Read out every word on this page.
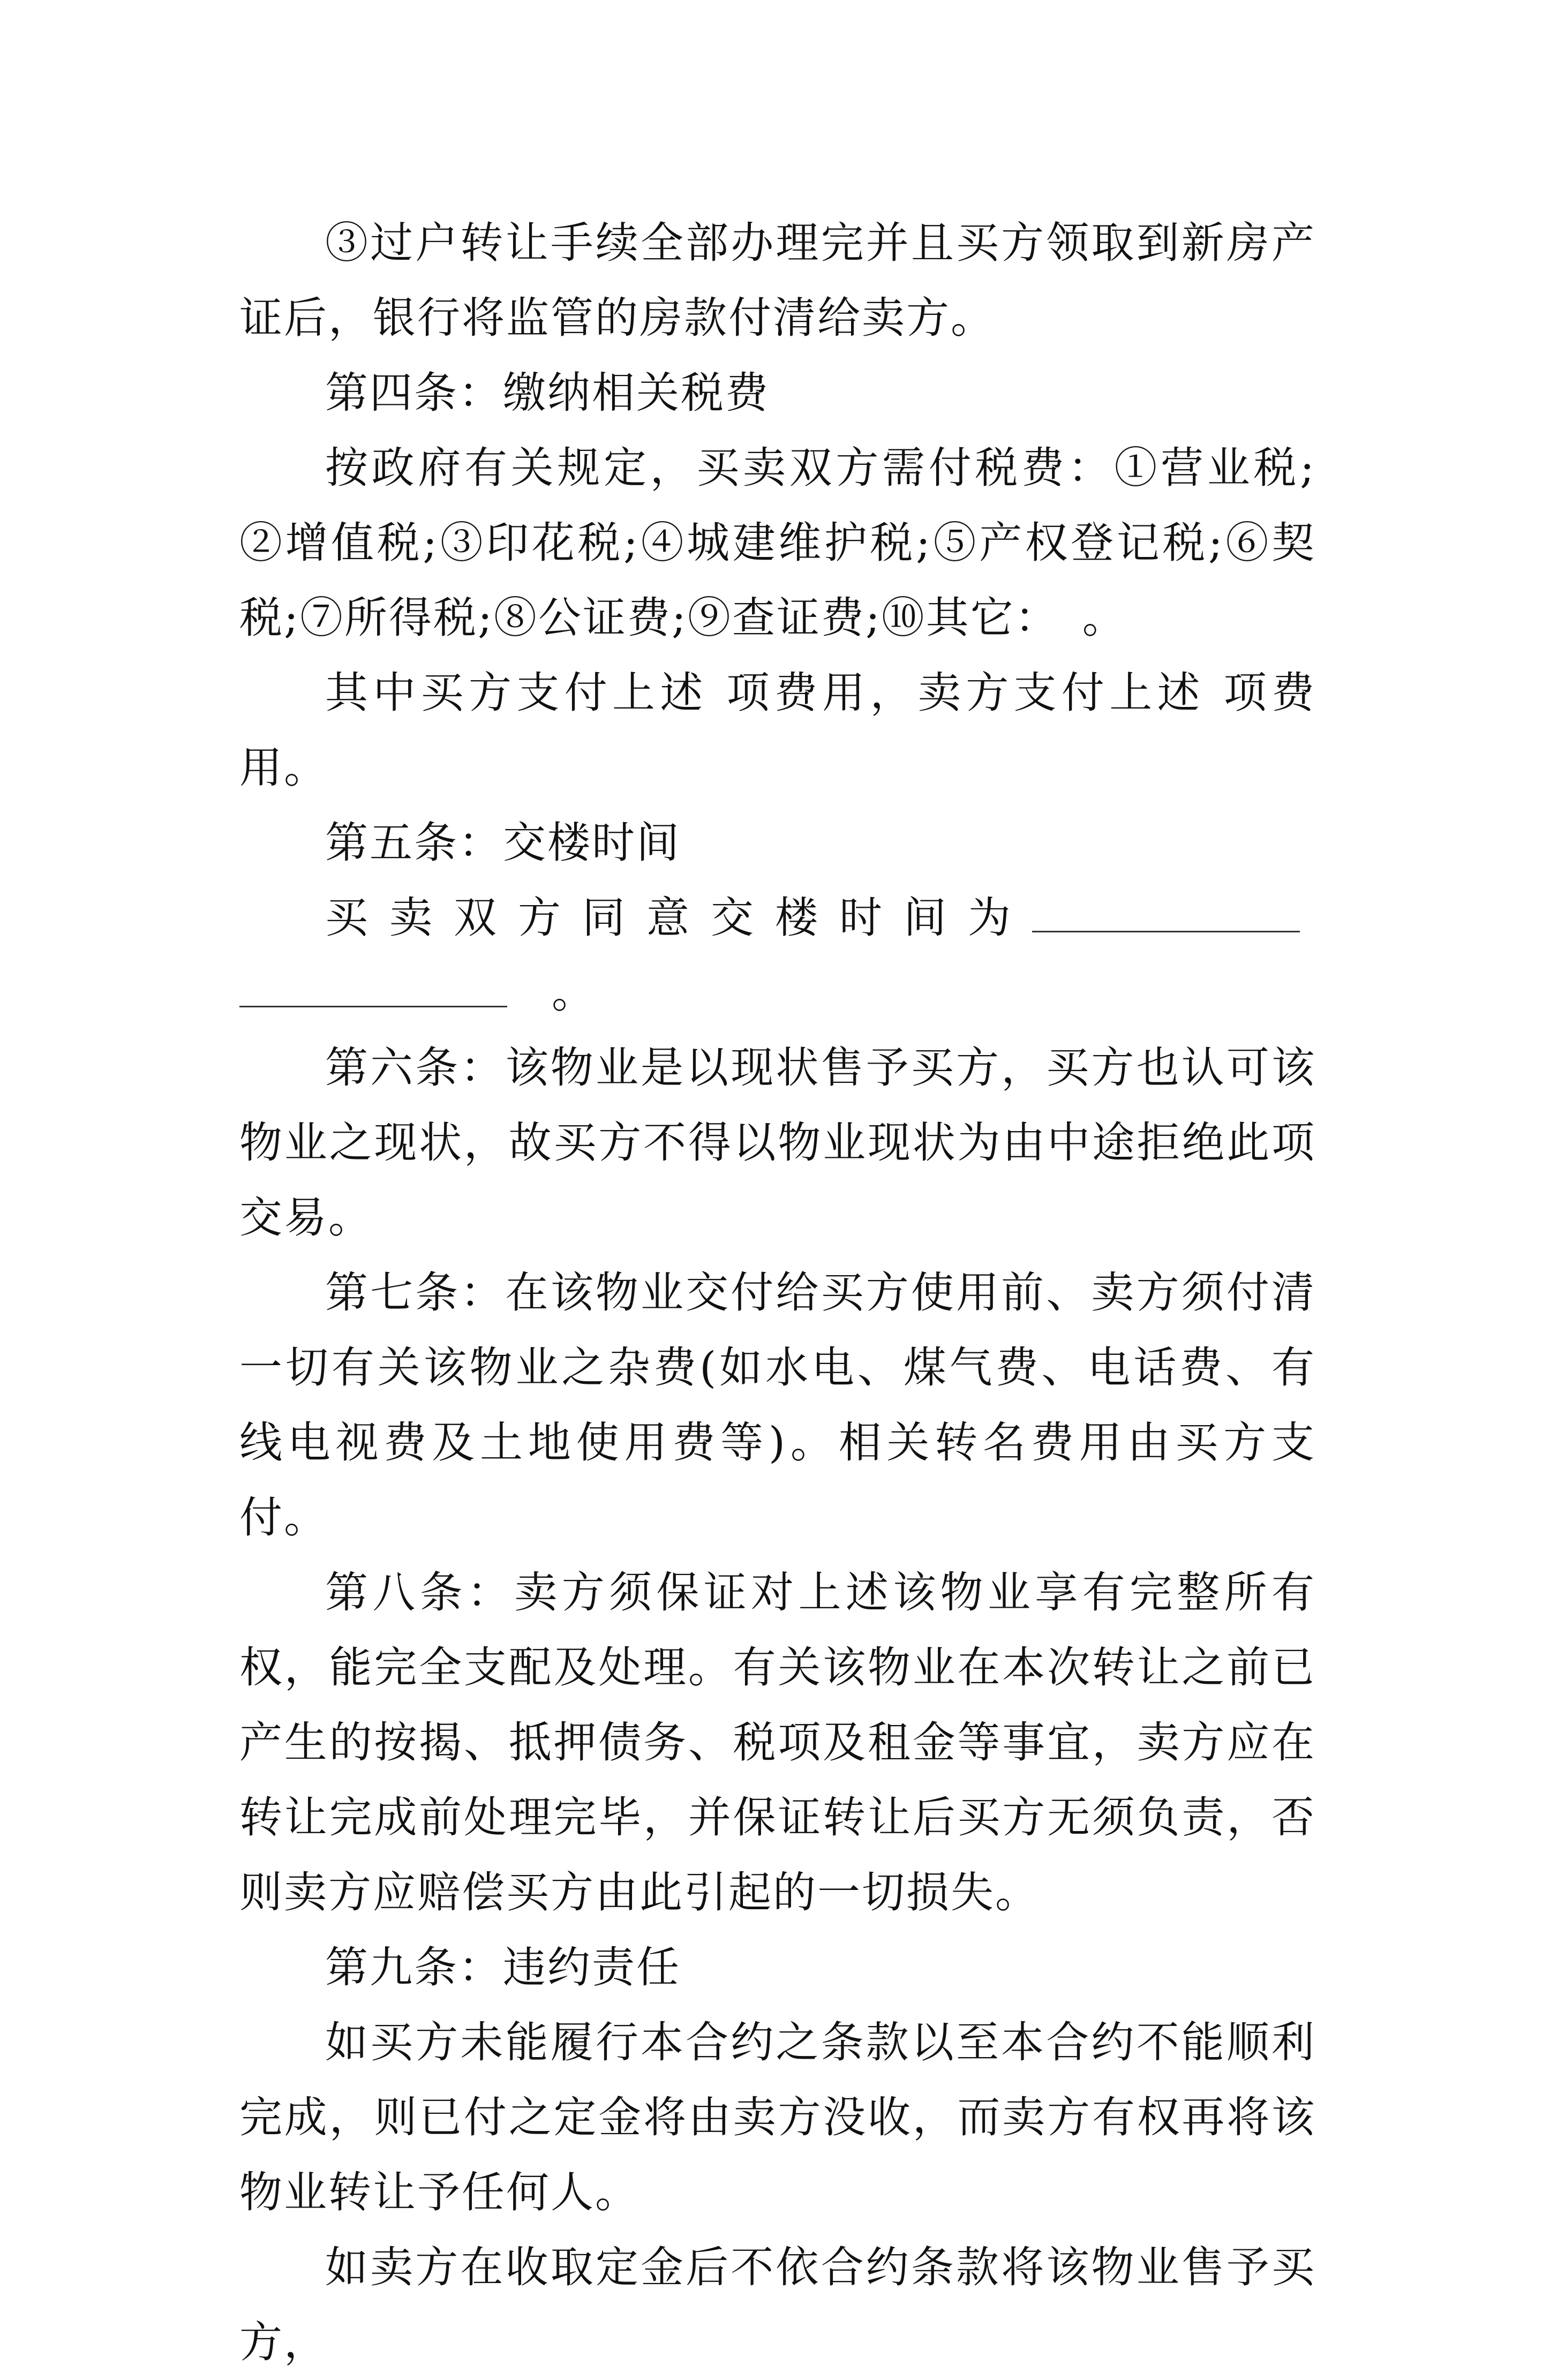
③过户转让手续全部办理完并且买方领取到新房产证后，银行将监管的房款付清给卖方。

第四条：缴纳相关税费

按政府有关规定，买卖双方需付税费：①营业税;②增值税;③印花税;④城建维护税;⑤产权登记税;⑥契税;⑦所得税;⑧公证费;⑨查证费;⑩其它：　。

其中买方支付上述 项费用，卖方支付上述 项费用。

第五条：交楼时间

买卖双方同意交楼时间为　。

第六条：该物业是以现状售予买方，买方也认可该物业之现状，故买方不得以物业现状为由中途拒绝此项交易。

第七条：在该物业交付给买方使用前、卖方须付清一切有关该物业之杂费(如水电、煤气费、电话费、有线电视费及土地使用费等)。相关转名费用由买方支付。

第八条：卖方须保证对上述该物业享有完整所有权，能完全支配及处理。有关该物业在本次转让之前已产生的按揭、抵押债务、税项及租金等事宜，卖方应在转让完成前处理完毕，并保证转让后买方无须负责，否则卖方应赔偿买方由此引起的一切损失。

第九条：违约责任

如买方未能履行本合约之条款以至本合约不能顺利完成，则已付之定金将由卖方没收，而卖方有权再将该物业转让予任何人。

如卖方在收取定金后不依合约条款将该物业售予买方，
